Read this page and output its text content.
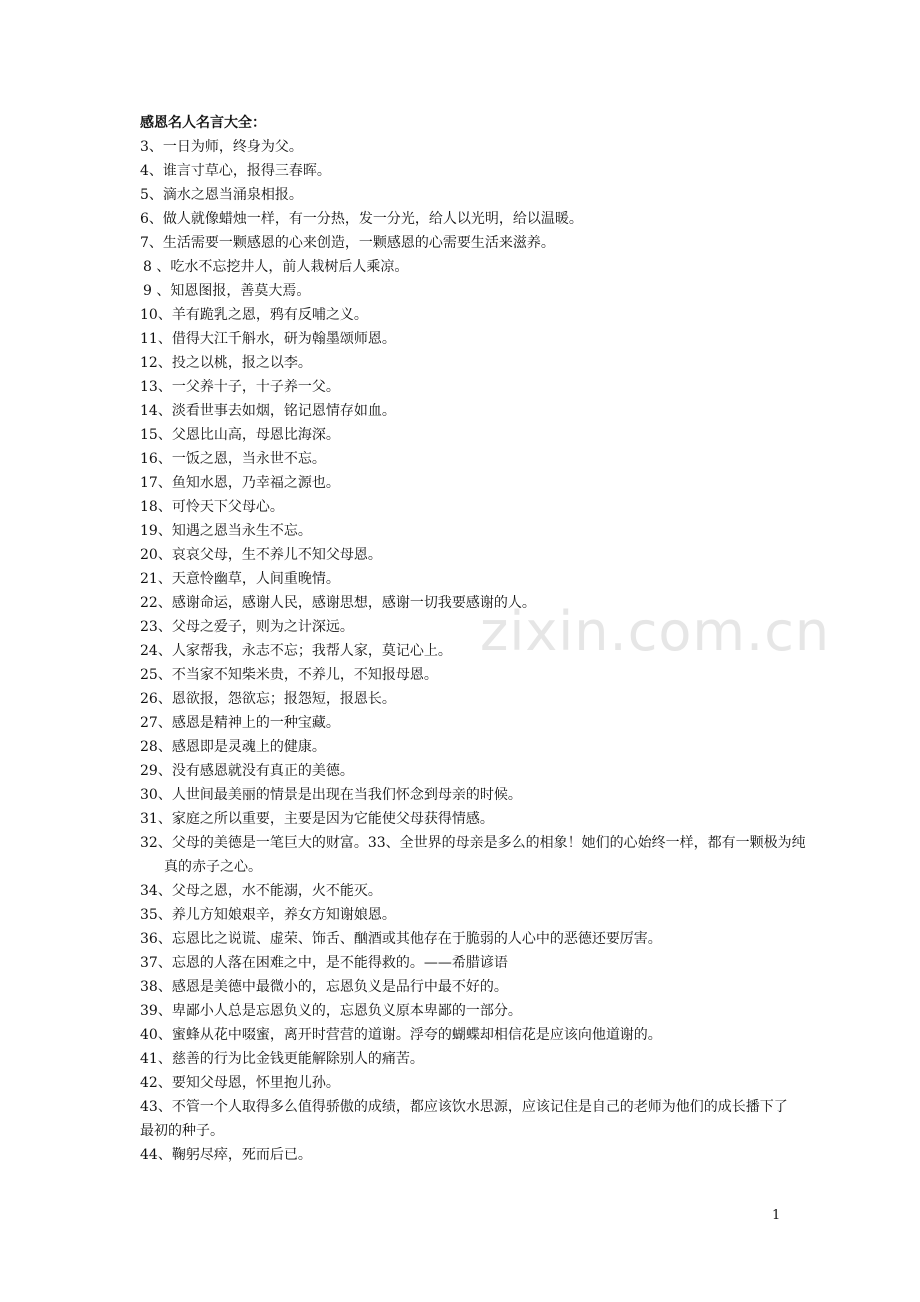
zixin.com.cn
感恩名人名言大全：
3、一日为师，终身为父。
4、谁言寸草心，报得三春晖。
5、滴水之恩当涌泉相报。
6、做人就像蜡烛一样，有一分热，发一分光，给人以光明，给以温暖。
7、生活需要一颗感恩的心来创造，一颗感恩的心需要生活来滋养。
8 、吃水不忘挖井人，前人栽树后人乘凉。
9 、知恩图报，善莫大焉。
10、羊有跪乳之恩，鸦有反哺之义。
11、借得大江千斛水，研为翰墨颂师恩。
12、投之以桃，报之以李。
13、一父养十子，十子养一父。
14、淡看世事去如烟，铭记恩情存如血。
15、父恩比山高，母恩比海深。
16、一饭之恩，当永世不忘。
17、鱼知水恩，乃幸福之源也。
18、可怜天下父母心。
19、知遇之恩当永生不忘。
20、哀哀父母，生不养儿不知父母恩。
21、天意怜幽草，人间重晚情。
22、感谢命运，感谢人民，感谢思想，感谢一切我要感谢的人。
23、父母之爱子，则为之计深远。
24、人家帮我，永志不忘；我帮人家，莫记心上。
25、不当家不知柴米贵，不养儿，不知报母恩。
26、恩欲报，怨欲忘；报怨短，报恩长。
27、感恩是精神上的一种宝藏。
28、感恩即是灵魂上的健康。
29、没有感恩就没有真正的美德。
30、人世间最美丽的情景是出现在当我们怀念到母亲的时候。
31、家庭之所以重要，主要是因为它能使父母获得情感。
32、父母的美德是一笔巨大的财富。33、全世界的母亲是多么的相象！她们的心始终一样，都有一颗极为纯真的赤子之心。
34、父母之恩，水不能溺，火不能灭。
35、养儿方知娘艰辛，养女方知谢娘恩。
36、忘恩比之说谎、虚荣、饰舌、酗酒或其他存在于脆弱的人心中的恶德还要厉害。
37、忘恩的人落在困难之中，是不能得救的。——希腊谚语
38、感恩是美德中最微小的，忘恩负义是品行中最不好的。
39、卑鄙小人总是忘恩负义的，忘恩负义原本卑鄙的一部分。
40、蜜蜂从花中啜蜜，离开时营营的道谢。浮夸的蝴蝶却相信花是应该向他道谢的。
41、慈善的行为比金钱更能解除别人的痛苦。
42、要知父母恩，怀里抱儿孙。
43、不管一个人取得多么值得骄傲的成绩，都应该饮水思源，应该记住是自己的老师为他们的成长播下了最初的种子。
44、鞠躬尽瘁，死而后已。
1
